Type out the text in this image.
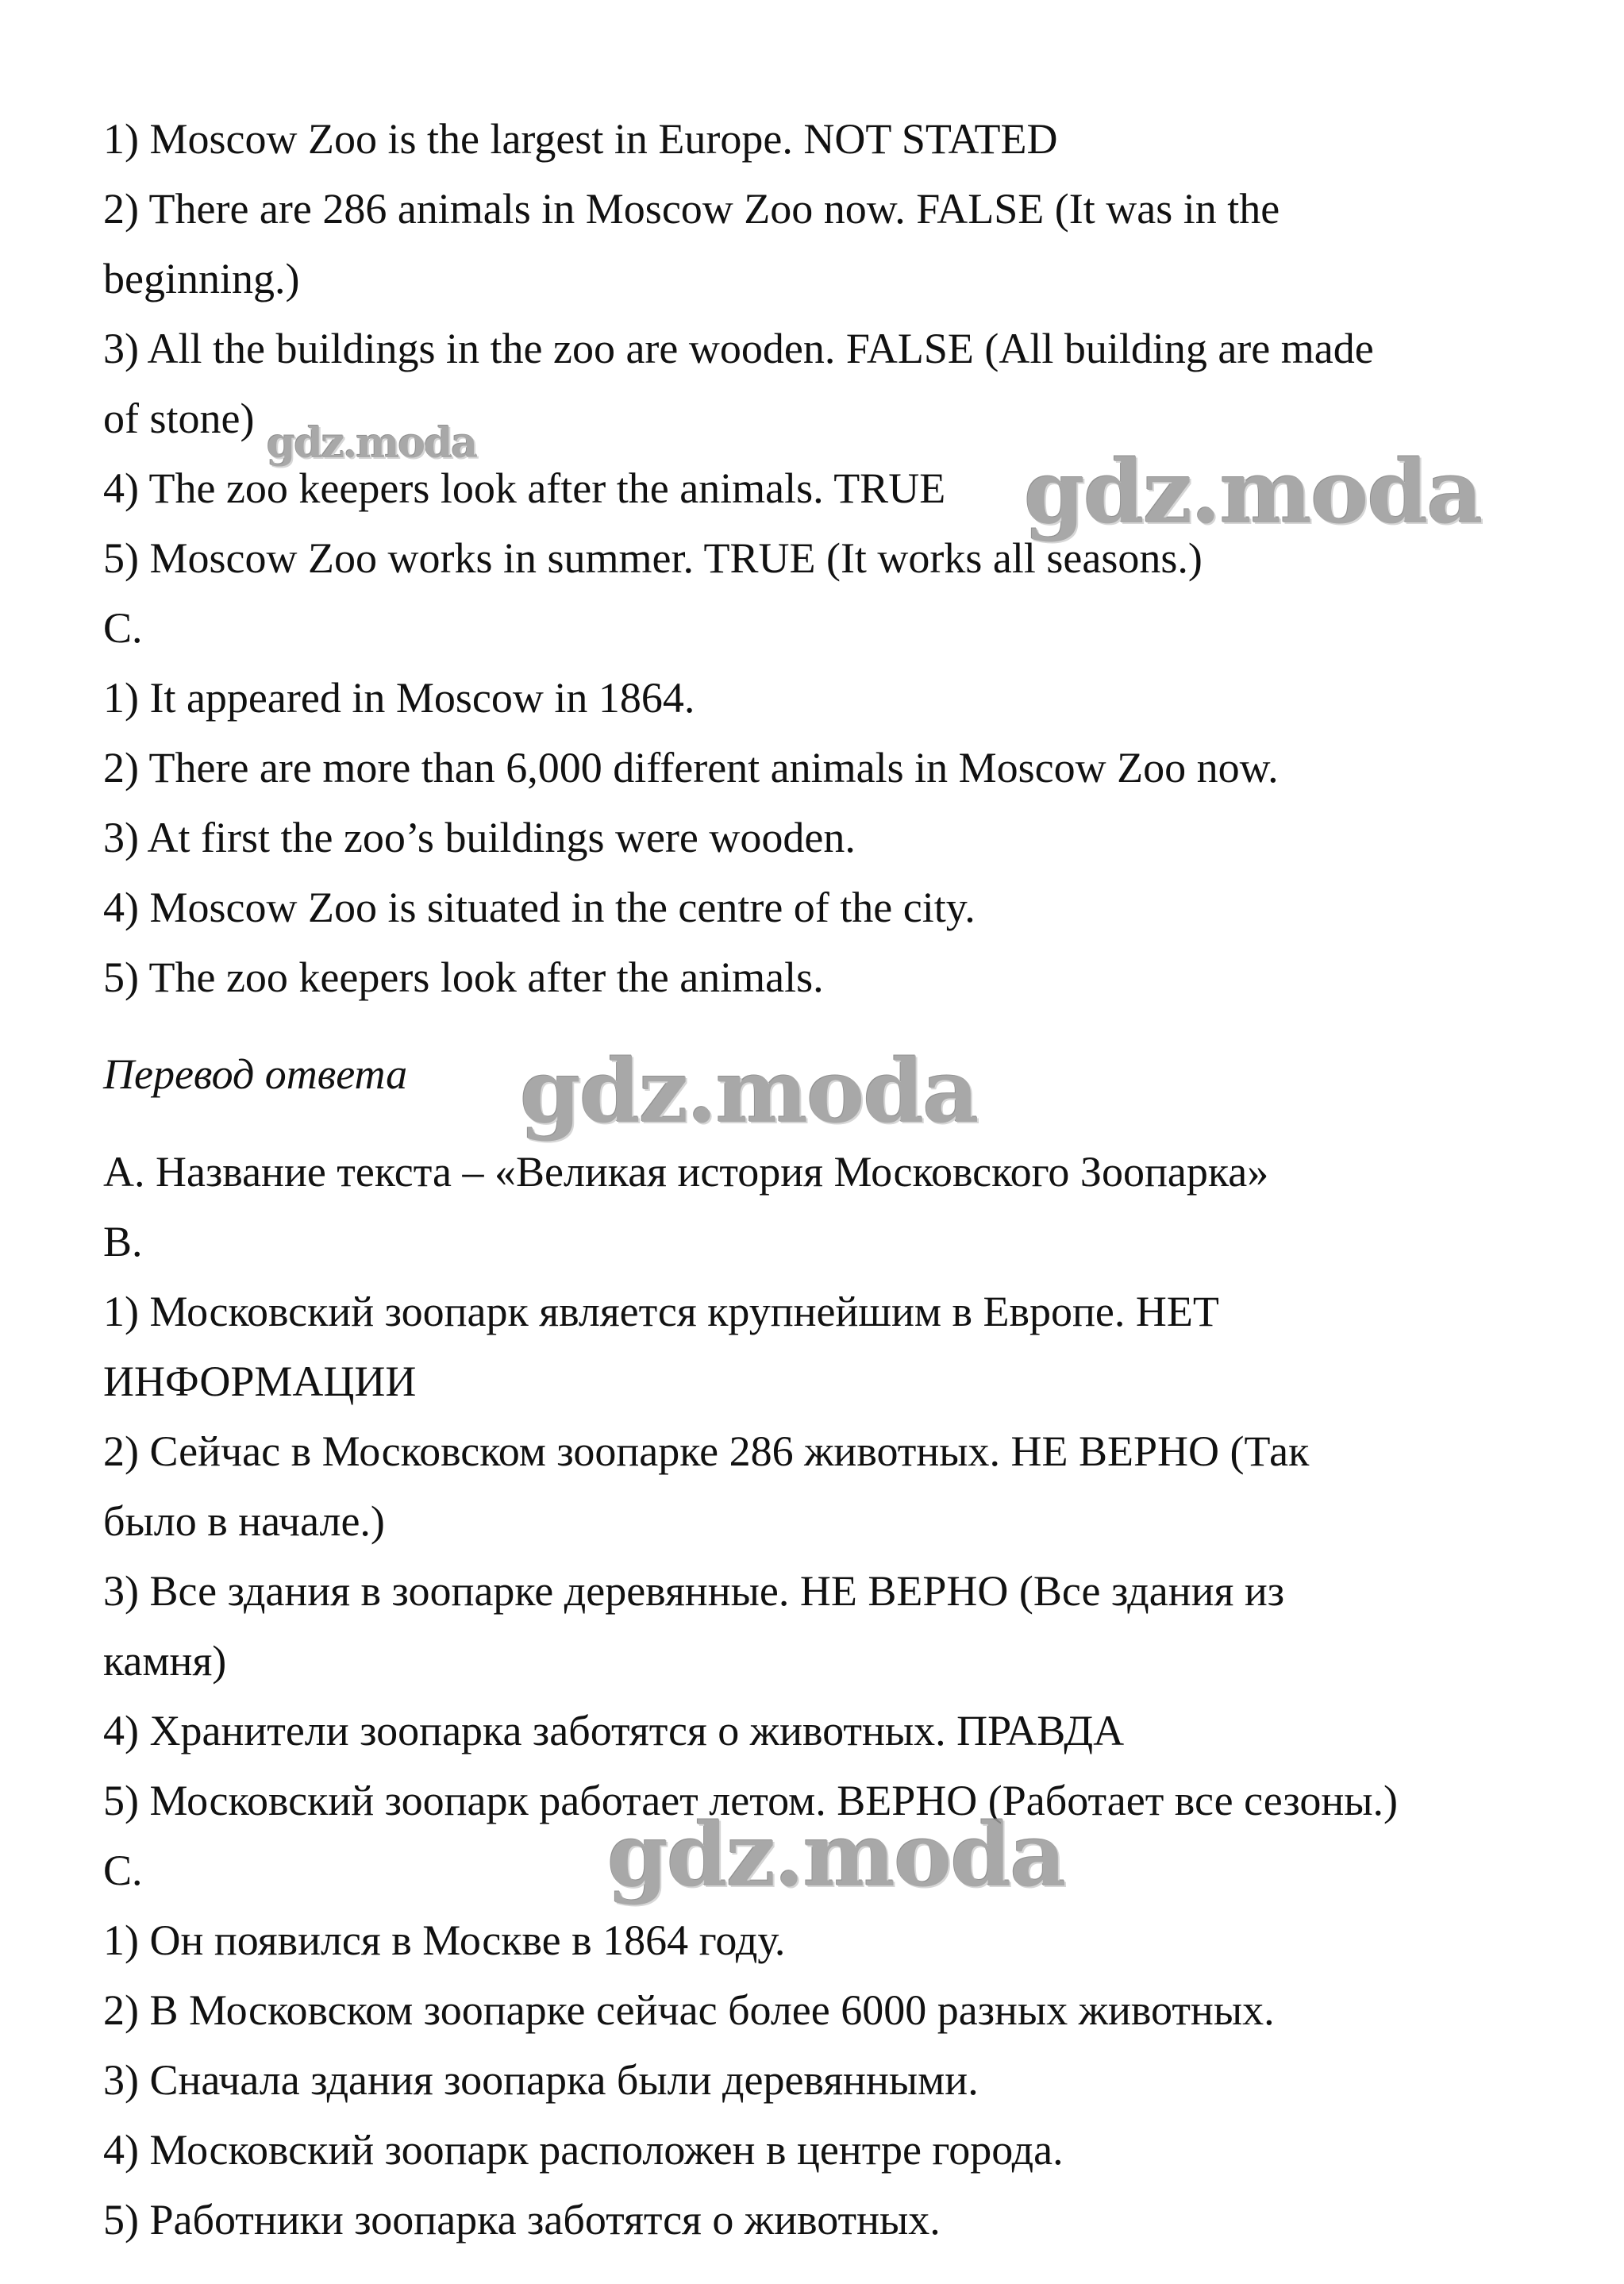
1) Moscow Zoo is the largest in Europe. NOT STATED
2) There are 286 animals in Moscow Zoo now. FALSE (It was in the
beginning.)
3) All the buildings in the zoo are wooden. FALSE (All building are made
of stone)
4) The zoo keepers look after the animals. TRUE
5) Moscow Zoo works in summer. TRUE (It works all seasons.)
C.
1) It appeared in Moscow in 1864.
2) There are more than 6,000 different animals in Moscow Zoo now.
3) At first the zoo’s buildings were wooden.
4) Moscow Zoo is situated in the centre of the city.
5) The zoo keepers look after the animals.
Перевод ответа
А. Название текста – «Великая история Московского Зоопарка»
В.
1) Московский зоопарк является крупнейшим в Европе. НЕТ
ИНФОРМАЦИИ
2) Сейчас в Московском зоопарке 286 животных. НЕ ВЕРНО (Так
было в начале.)
3) Все здания в зоопарке деревянные. НЕ ВЕРНО (Все здания из
камня)
4) Хранители зоопарка заботятся о животных. ПРАВДА
5) Московский зоопарк работает летом. ВЕРНО (Работает все сезоны.)
С.
1) Он появился в Москве в 1864 году.
2) В Московском зоопарке сейчас более 6000 разных животных.
3) Сначала здания зоопарка были деревянными.
4) Московский зоопарк расположен в центре города.
5) Работники зоопарка заботятся о животных.
gdz.moda	gdz.moda
gdz.moda
gdz.moda
